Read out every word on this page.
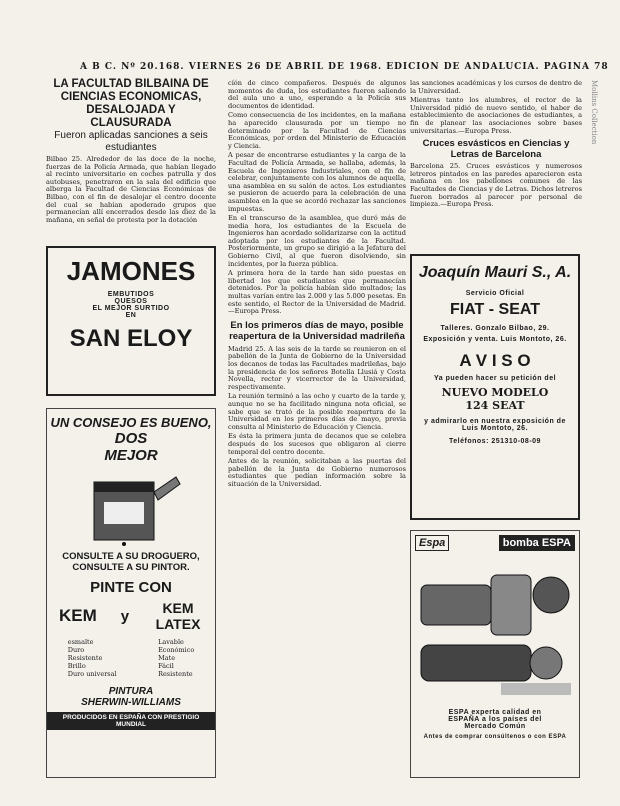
A B C. Nº 20.168. VIERNES 26 DE ABRIL DE 1968. EDICION DE ANDALUCIA. PAGINA 78

LA FACULTAD BILBAINA DE CIENCIAS ECONOMICAS, DESALOJADA Y CLAUSURADA

Fueron aplicadas sanciones a seis estudiantes

Bilbao 25. Alrededor de las doce de la noche, fuerzas de la Policía Armada, que habían llegado al recinto universitario en coches patrulla y dos autobuses, penetraron en la sala del edificio que alberga la Facultad de Ciencias Económicas de Bilbao, con el fin de desalojar el centro docente del cual se habían apoderado grupos que permanecían allí encerrados desde las diez de la mañana, en señal de protesta por la dotación

JAMONES
EMBUTIDOS
QUESOS
EL MEJOR SURTIDO
EN
SAN ELOY
UN CONSEJO ES BUENO,
DOS
MEJOR
CONSULTE A SU DROGUERO,
CONSULTE A SU PINTOR.
PINTE CON
KEM y	KEM LATEX
esmalte
Duro
Resistente
Brillo
Duro universal
Lavable
Económico
Mate
Fácil
Resistente
PINTURA
SHERWIN-WILLIAMS
PRODUCIDOS EN ESPAÑA CON PRESTIGIO MUNDIAL

cíón de cinco compañeros. Después de algunos momentos de duda, los estudiantes fueron saliendo del aula uno a uno, esperando a la Policía sus documentos de identidad.

Como consecuencia de los incidentes, en la mañana ha aparecido clausurada por un tiempo no determinado por la Facultad de Ciencias Económicas, por orden del Ministerio de Educación y Ciencia.

A pesar de encontrarse estudiantes y la carga de la Facultad de Policía Armada, se hallaba, además, la Escuela de Ingenieros Industriales, con el fin de celebrar, conjuntamente con los alumnos de aquella, una asamblea en su salón de actos. Los estudiantes se pusieron de acuerdo para la celebración de una asamblea en la que se acordó rechazar las sanciones impuestas.

En el transcurso de la asamblea, que duró más de media hora, los estudiantes de la Escuela de Ingenieros han acordado solidarizarse con la actitud adoptada por los estudiantes de la Facultad. Posteriormente, un grupo se dirigió a la Jefatura del Gobierno Civil, al que fueron disolviendo, sin incidentes, por la fuerza pública.

A primera hora de la tarde han sido puestas en libertad los que estudiantes que permanecían detenidos. Por la policía habían sido multados; las multas varían entre las 2.000 y las 5.000 pesetas. En este sentido, el Rector de la Universidad de Madrid.—Europa Press.

En los primeros días de mayo, posible reapertura de la Universidad madrileña

Madrid 25. A las seis de la tarde se reunieron en el pabellón de la Junta de Gobierno de la Universidad los decanos de todas las Facultades madrileñas, bajo la presidencia de los señores Botella Llusiá y Costa Novella, rector y vicerrector de la Universidad, respectivamente.

La reunión terminó a las ocho y cuarto de la tarde y, aunque no se ha facilitado ninguna nota oficial, se sabe que se trató de la posible reapertura de la Universidad en los primeros días de mayo, previa consulta al Ministerio de Educación y Ciencia.

Es ésta la primera junta de decanos que se celebra después de los sucesos que obligaron al cierre temporal del centro docente.

Antes de la reunión, solicitaban a las puertas del pabellón de la Junta de Gobierno numerosos estudiantes que pedían información sobre la situación de la Universidad.

las sanciones académicas y los cursos de dentro de la Universidad.

Mientras tanto los alumbres, el rector de la Universidad pidió de nuevo sentido, el haber de establecimiento de asociaciones de estudiantes, a fin de planear las asociaciones sobre bases universitarias.—Europa Press.

Cruces esvásticos en Ciencias y Letras de Barcelona

Barcelona 25. Cruces esvásticos y numerosos letreros pintados en las paredes aparecieron esta mañana en los pabellones comunes de las Facultades de Ciencias y de Letras. Dichos letreros fueron borrados al parecer por personal de limpieza.—Europa Press.

Joaquín Mauri S., A.
Servicio Oficial
FIAT - SEAT
Talleres. Gonzalo Bilbao, 29.
Exposición y venta. Luis Montoto, 26.
A V I S O
Ya pueden hacer su petición del
NUEVO MODELO
124 SEAT
y admirarlo en nuestra exposición de Luis Montoto, 26.
Teléfonos: 251310-08-09
Espa	bomba ESPA
ESPA experta calidad en
ESPAÑA a los países del
Mercado Común
Antes de comprar consúltenos o con ESPA
Mollins Collection
